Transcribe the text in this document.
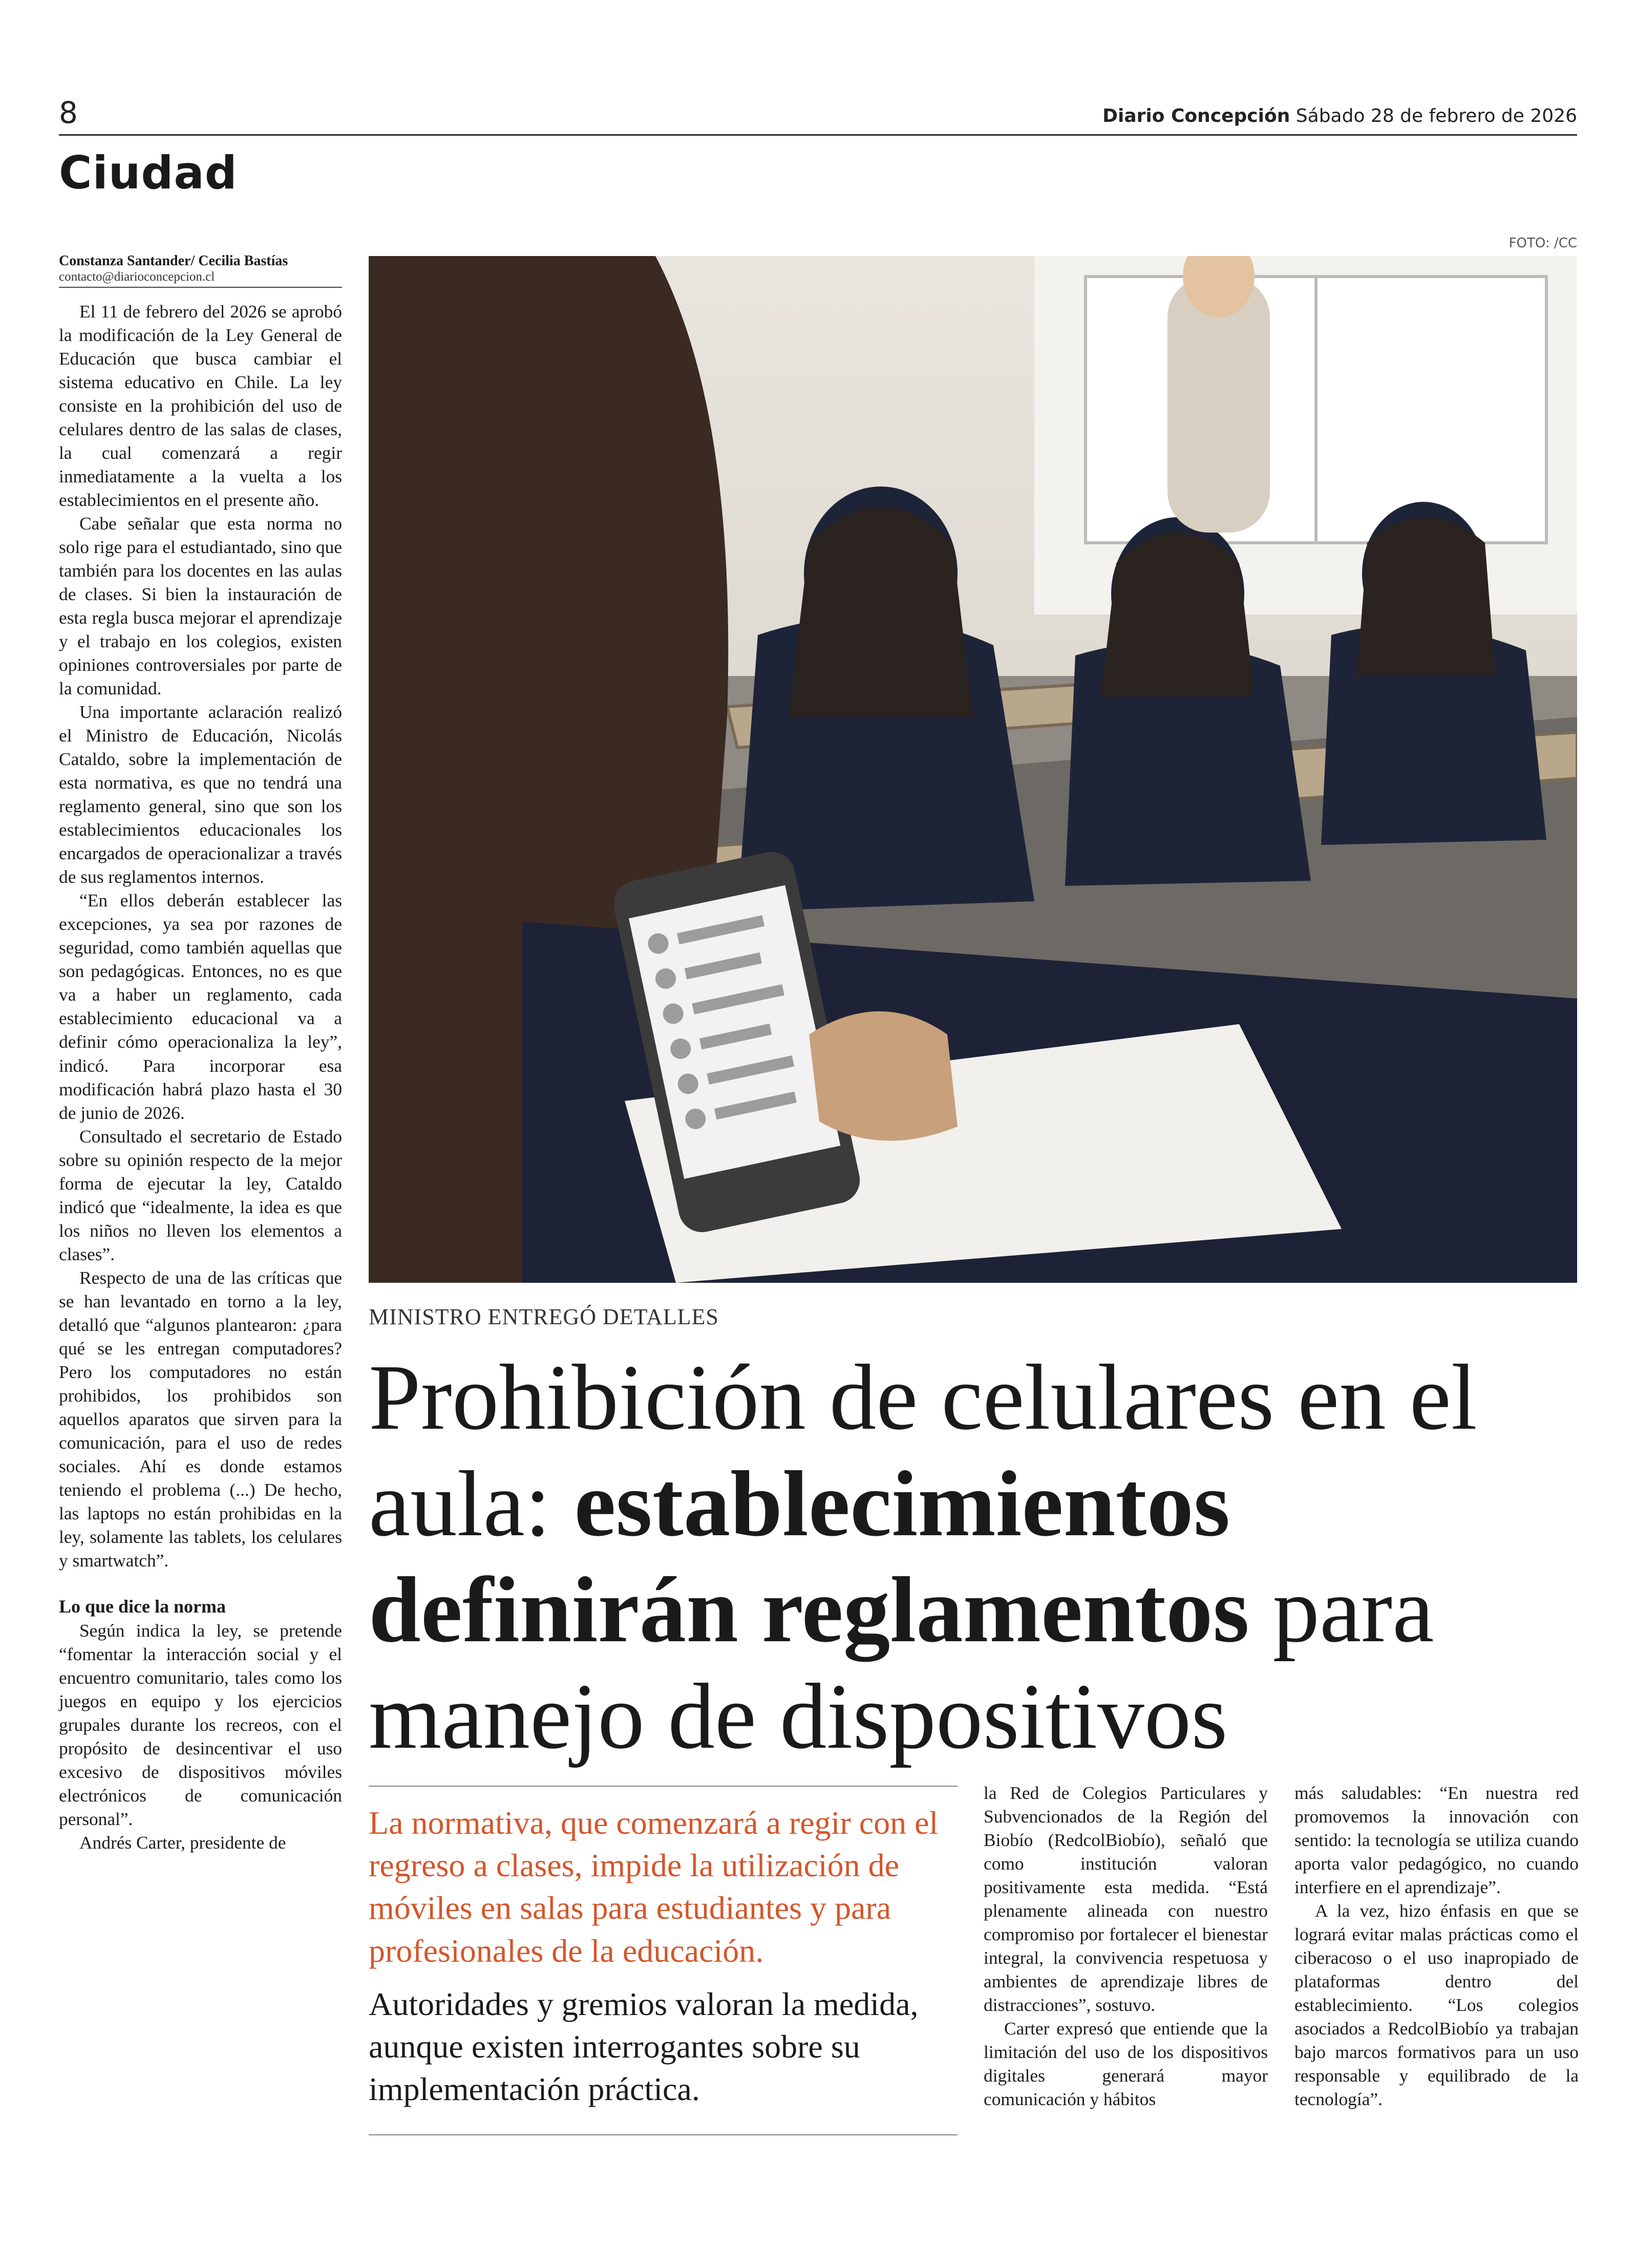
8	Diario Concepción Sábado 28 de febrero de 2026
Ciudad
Constanza Santander/ Cecilia Bastías
contacto@diarioconcepcion.cl

El 11 de febrero del 2026 se aprobó la modificación de la Ley General de Educación que busca cambiar el sistema educativo en Chile. La ley consiste en la prohibición del uso de celulares dentro de las salas de clases, la cual comenzará a regir inmediatamente a la vuelta a los establecimientos en el presente año.

Cabe señalar que esta norma no solo rige para el estudiantado, sino que también para los docentes en las aulas de clases. Si bien la instauración de esta regla busca mejorar el aprendizaje y el trabajo en los colegios, existen opiniones controversiales por parte de la comunidad.

Una importante aclaración realizó el Ministro de Educación, Nicolás Cataldo, sobre la implementación de esta normativa, es que no tendrá una reglamento general, sino que son los establecimientos educacionales los encargados de operacionalizar a través de sus reglamentos internos.

“En ellos deberán establecer las excepciones, ya sea por razones de seguridad, como también aquellas que son pedagógicas. Entonces, no es que va a haber un reglamento, cada establecimiento educacional va a definir cómo operacionaliza la ley”, indicó. Para incorporar esa modificación habrá plazo hasta el 30 de junio de 2026.

Consultado el secretario de Estado sobre su opinión respecto de la mejor forma de ejecutar la ley, Cataldo indicó que “idealmente, la idea es que los niños no lleven los elementos a clases”.

Respecto de una de las críticas que se han levantado en torno a la ley, detalló que “algunos plantearon: ¿para qué se les entregan computadores? Pero los computadores no están prohibidos, los prohibidos son aquellos aparatos que sirven para la comunicación, para el uso de redes sociales. Ahí es donde estamos teniendo el problema (...) De hecho, las laptops no están prohibidas en la ley, solamente las tablets, los celulares y smartwatch”.

Lo que dice la norma

Según indica la ley, se pretende “fomentar la interacción social y el encuentro comunitario, tales como los juegos en equipo y los ejercicios grupales durante los recreos, con el propósito de desincentivar el uso excesivo de dispositivos móviles electrónicos de comunicación personal”.

Andrés Carter, presidente de

FOTO: /CC
MINISTRO ENTREGÓ DETALLES
Prohibición de celulares en el aula: establecimientos definirán reglamentos para manejo de dispositivos
La normativa, que comenzará a regir con el regreso a clases, impide la utilización de móviles en salas para estudiantes y para profesionales de la educación.
Autoridades y gremios valoran la medida, aunque existen interrogantes sobre su implementación práctica.

la Red de Colegios Particulares y Subvencionados de la Región del Biobío (RedcolBiobío), señaló que como institución valoran positivamente esta medida. “Está plenamente alineada con nuestro compromiso por fortalecer el bienestar integral, la convivencia respetuosa y ambientes de aprendizaje libres de distracciones”, sostuvo.

Carter expresó que entiende que la limitación del uso de los dispositivos digitales generará mayor comunicación y hábitos

más saludables: “En nuestra red promovemos la innovación con sentido: la tecnología se utiliza cuando aporta valor pedagógico, no cuando interfiere en el aprendizaje”.

A la vez, hizo énfasis en que se logrará evitar malas prácticas como el ciberacoso o el uso inapropiado de plataformas dentro del establecimiento. “Los colegios asociados a RedcolBiobío ya trabajan bajo marcos formativos para un uso responsable y equilibrado de la tecnología”.
